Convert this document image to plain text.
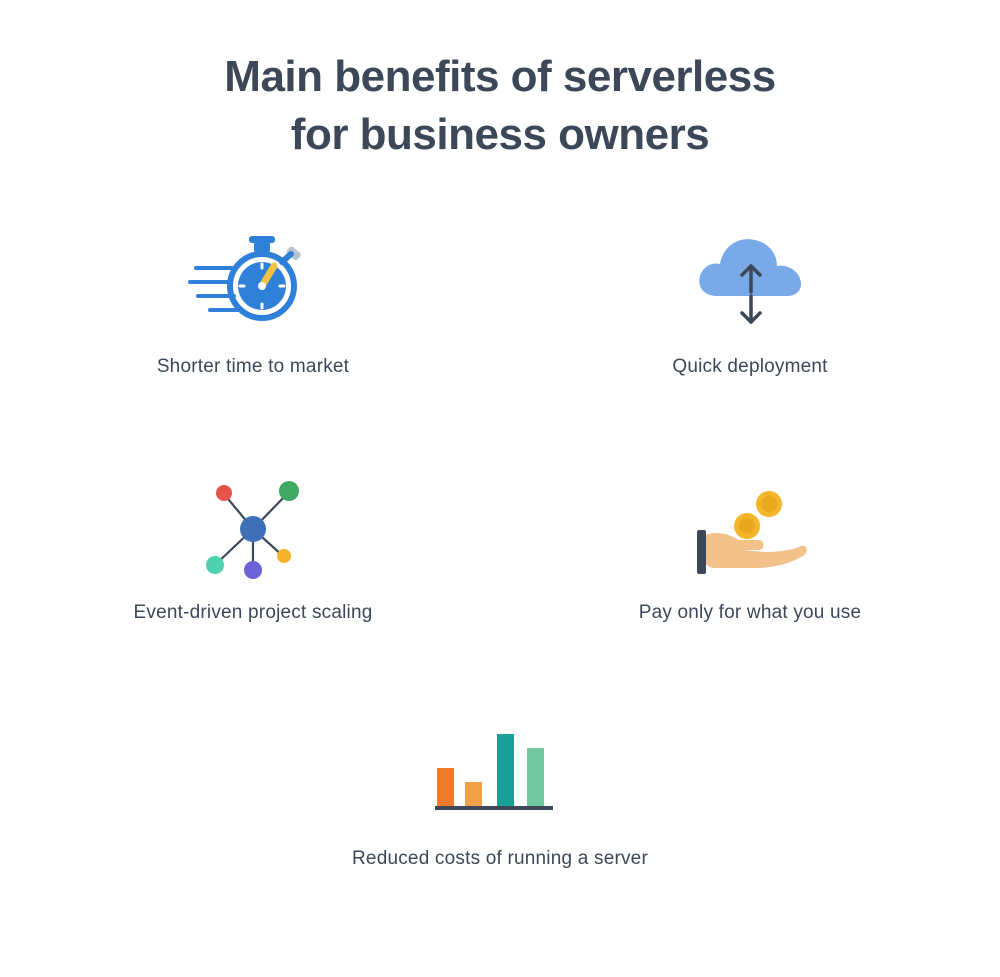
Main benefits of serverless
for business owners
Shorter time to market	Quick deployment
Event-driven project scaling	Pay only for what you use
Reduced costs of running a server
